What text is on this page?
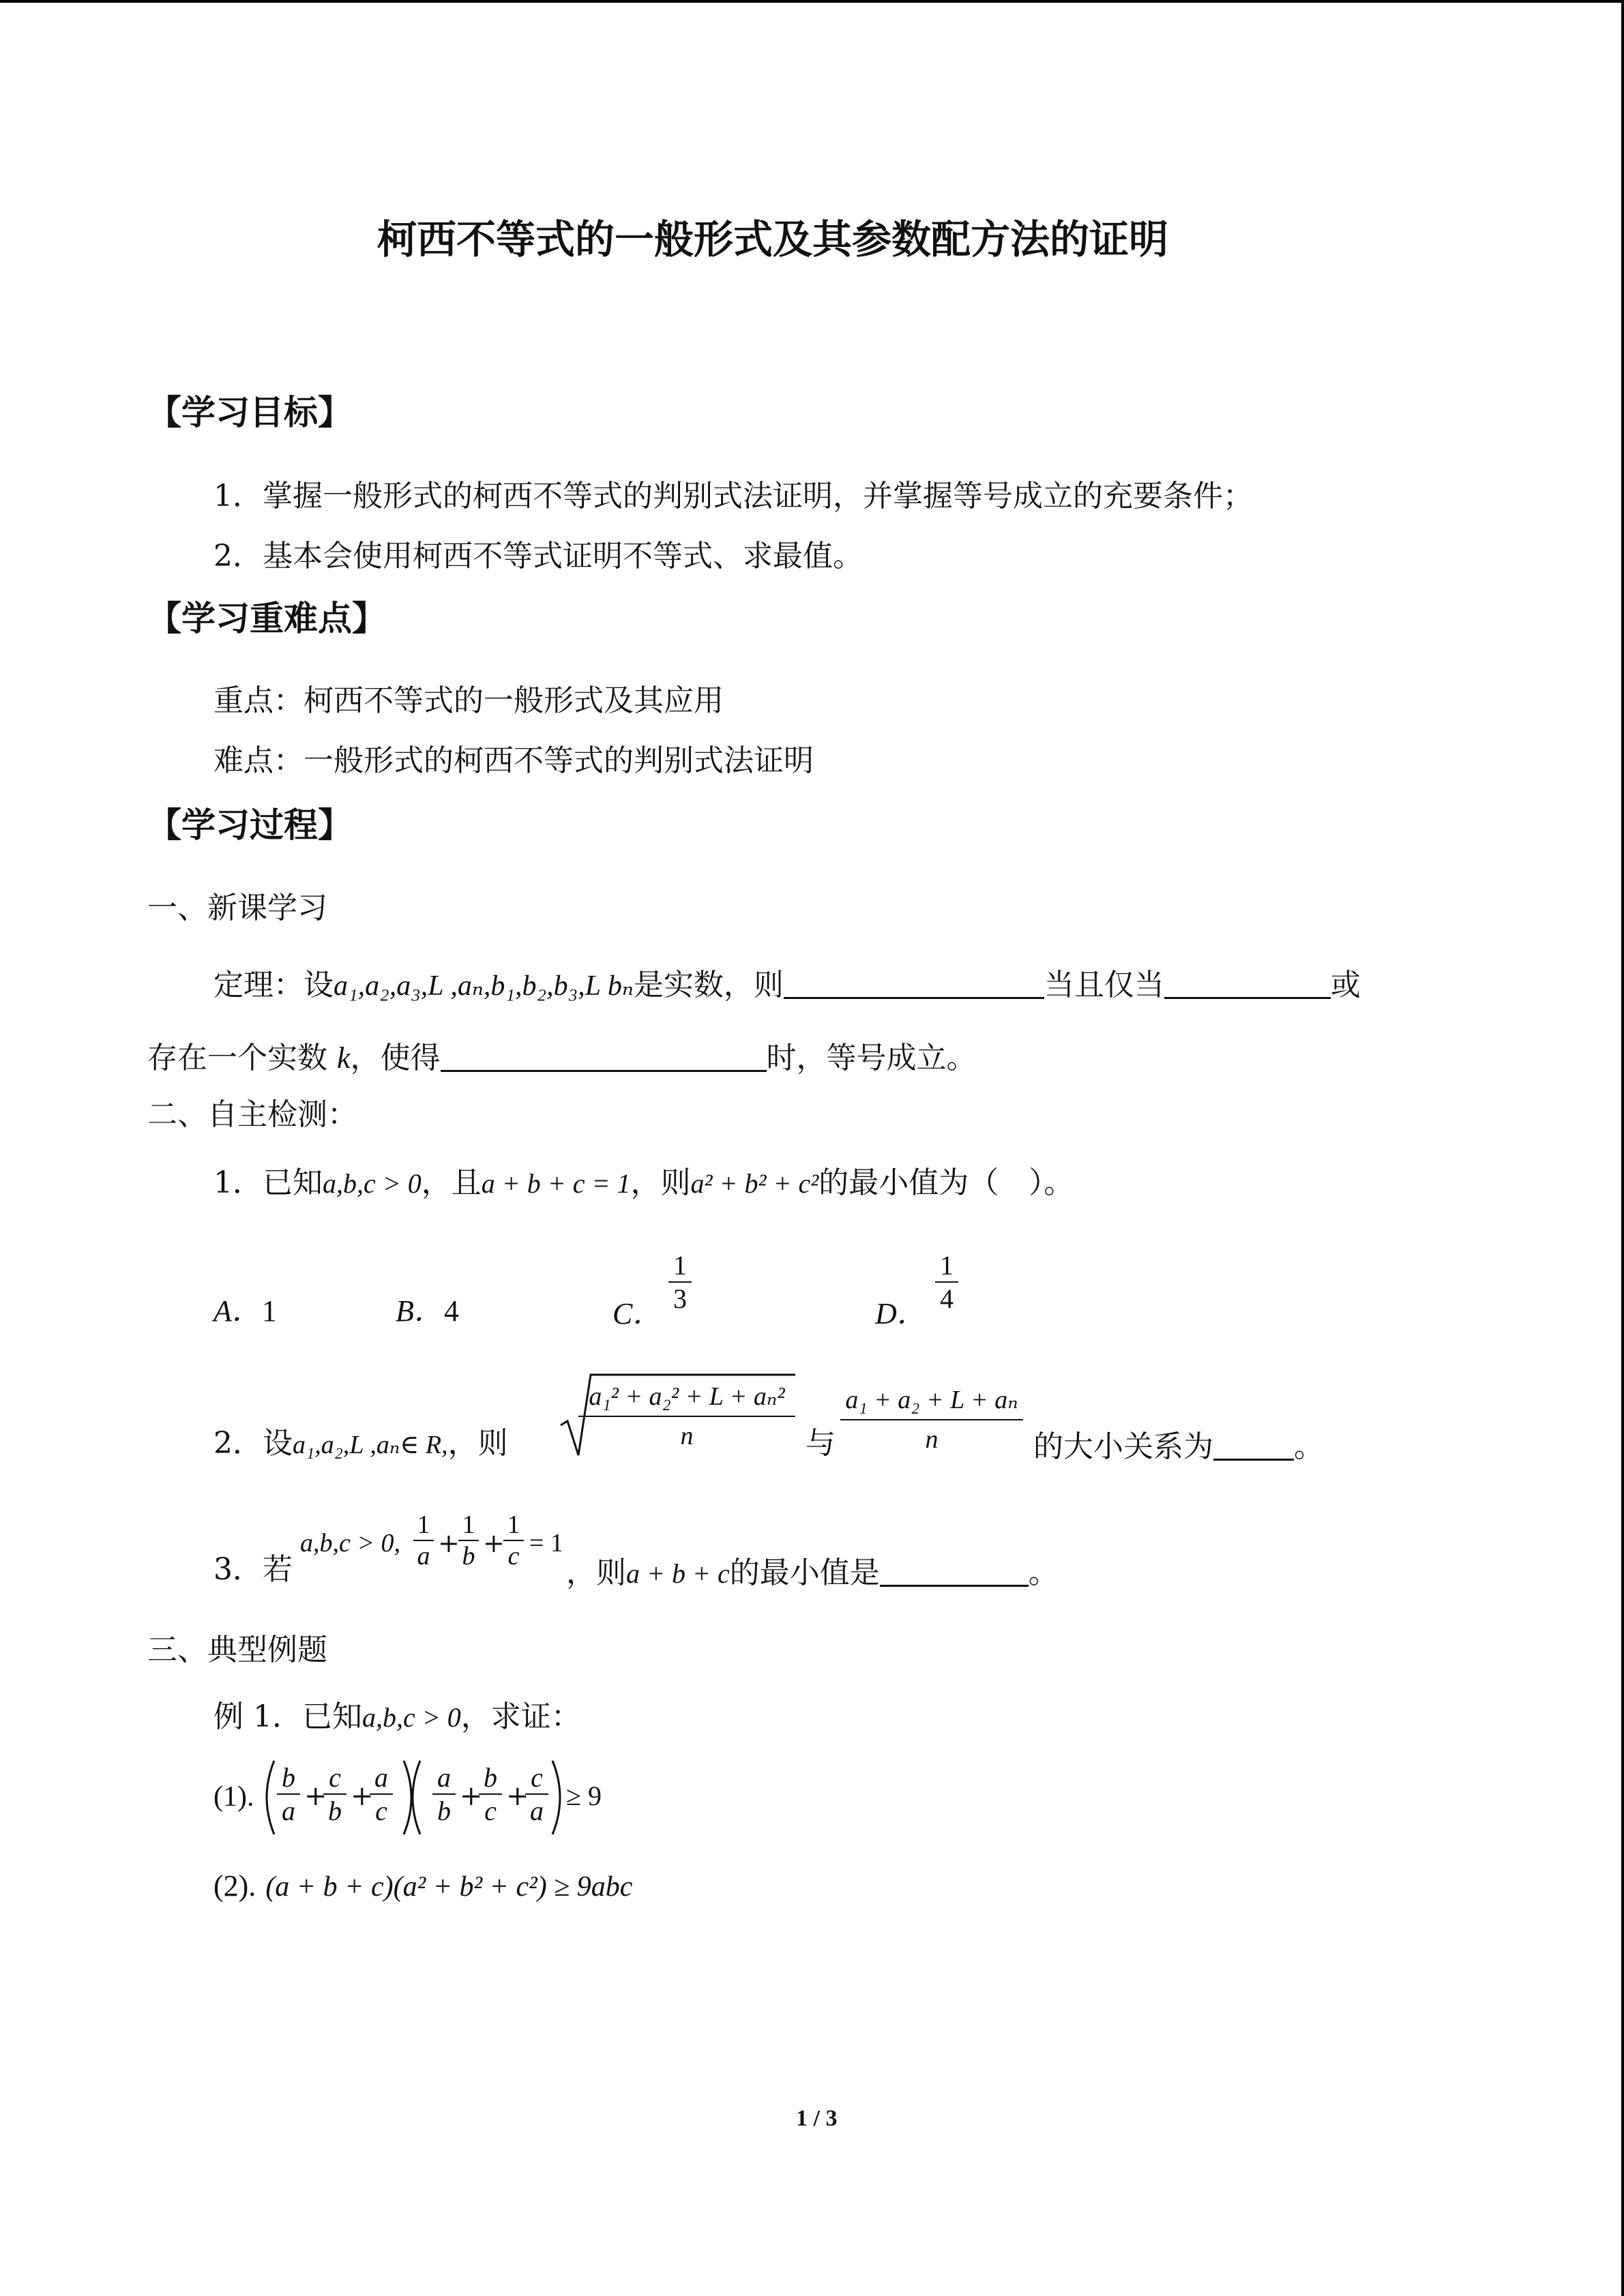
柯西不等式的一般形式及其参数配方法的证明
【学习目标】
1．掌握一般形式的柯西不等式的判别式法证明，并掌握等号成立的充要条件；
2．基本会使用柯西不等式证明不等式、求最值。
【学习重难点】
重点：柯西不等式的一般形式及其应用
难点：一般形式的柯西不等式的判别式法证明
【学习过程】
一、新课学习
定理：设a₁,a₂,a₃,L ,aₙ,b₁,b₂,b₃,L bₙ是实数，则	当且仅当	或
存在一个实数 k，使得	时，等号成立。
二、自主检测：
1．已知a,b,c > 0，且a + b + c = 1，则a² + b² + c²的最小值为（　）。
A．1	B．4	C．
1
3	D．
1
4
2．设a₁,a₂,L ,aₙ∈ R,，则
a₁² + a₂² + L + aₙ²
n	与
a₁ + a₂ + L + aₙ
n	的大小关系为	。
3．若
a,b,c > 0,
1
a +
1
b +
1
c = 1
，则a + b + c的最小值是	。
三、典型例题
例 1．已知a,b,c > 0，求证：
(1).
b
a +
c
b +
a
c
a
b +
b
c +
c
a ≥ 9
(2). (a + b + c)(a² + b² + c²) ≥ 9abc
1 / 3
